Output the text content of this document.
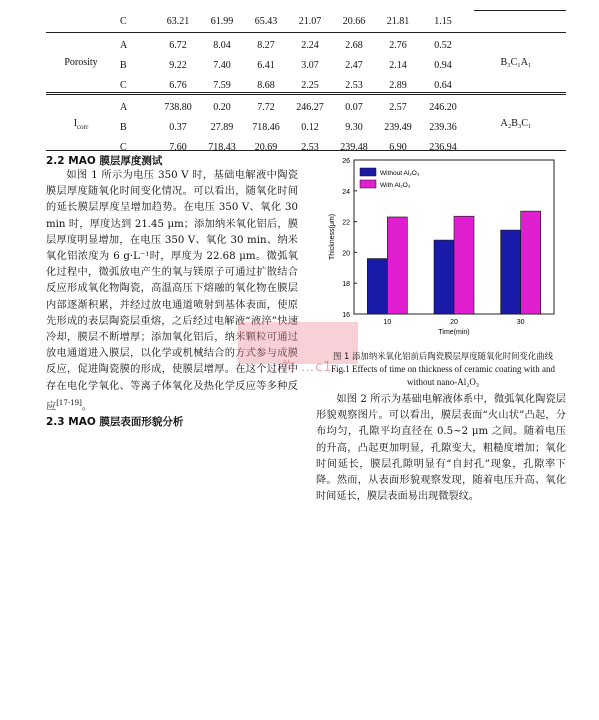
C	63.21	61.99	65.43	21.07	20.66	21.81	1.15
A	6.72	8.04	8.27	2.24	2.68	2.76	0.52
B	9.22	7.40	6.41	3.07	2.47	2.14	0.94
C	6.76	7.59	8.68	2.25	2.53	2.89	0.64
Porosity	B₃C₁A₁
A	738.80	0.20	7.72	246.27	0.07	2.57	246.20
B	0.37	27.89	718.46	0.12	9.30	239.49	239.36
C	7.60	718.43	20.69	2.53	239.48	6.90	236.94
$I_{corr}$	A₂B₃C₁
2.2 MAO 膜层厚度测试
如图 1 所示为电压 350 V 时，基础电解液中陶瓷膜层厚度随氧化时间变化情况。可以看出，随氧化时间的延长膜层厚度呈增加趋势。在电压 350 V、氧化 30 min 时，厚度达到 21.45 μm；添加纳米氧化铝后，膜层厚度明显增加，在电压 350 V、氧化 30 min、纳米氧化铝浓度为 6 g·L⁻¹时，厚度为 22.68 μm。微弧氧化过程中，微弧放电产生的氧与镁原子可通过扩散结合反应形成氧化物陶瓷，高温高压下熔融的氧化物在膜层内部逐渐积累，并经过放电通道喷射到基体表面，使原先形成的表层陶瓷层重熔，之后经过电解液“液淬”快速冷却，膜层不断增厚；添加氧化铝后，纳米颗粒可通过放电通道进入膜层，以化学或机械结合的方式参与成膜反应，促进陶瓷膜的形成，使膜层增厚。在这个过程中存在电化学氧化、等离子体氧化及热化学反应等多种反应[17-19]。
2.3 MAO 膜层表面形貌分析
…物 …c1…
16
18
20
22
24
26
10	20	30
Time(min)
Thickness(μm)
Without Al₂O₃
With Al₂O₃
图 1 添加纳米氧化铝前后陶瓷膜层厚度随氧化时间变化曲线
Fig.1 Effects of time on thickness of ceramic coating with and
without nano-Al₂O₃
如图 2 所示为基础电解液体系中，微弧氧化陶瓷层形貌观察图片。可以看出，膜层表面“火山状”凸起，分布均匀，孔隙平均直径在 0.5~2 μm 之间。随着电压的升高，凸起更加明显，孔隙变大，粗糙度增加；氧化时间延长，膜层孔隙明显有“自封孔”现象，孔隙率下降。然而，从表面形貌观察发现，随着电压升高、氧化时间延长，膜层表面易出现微裂纹。
